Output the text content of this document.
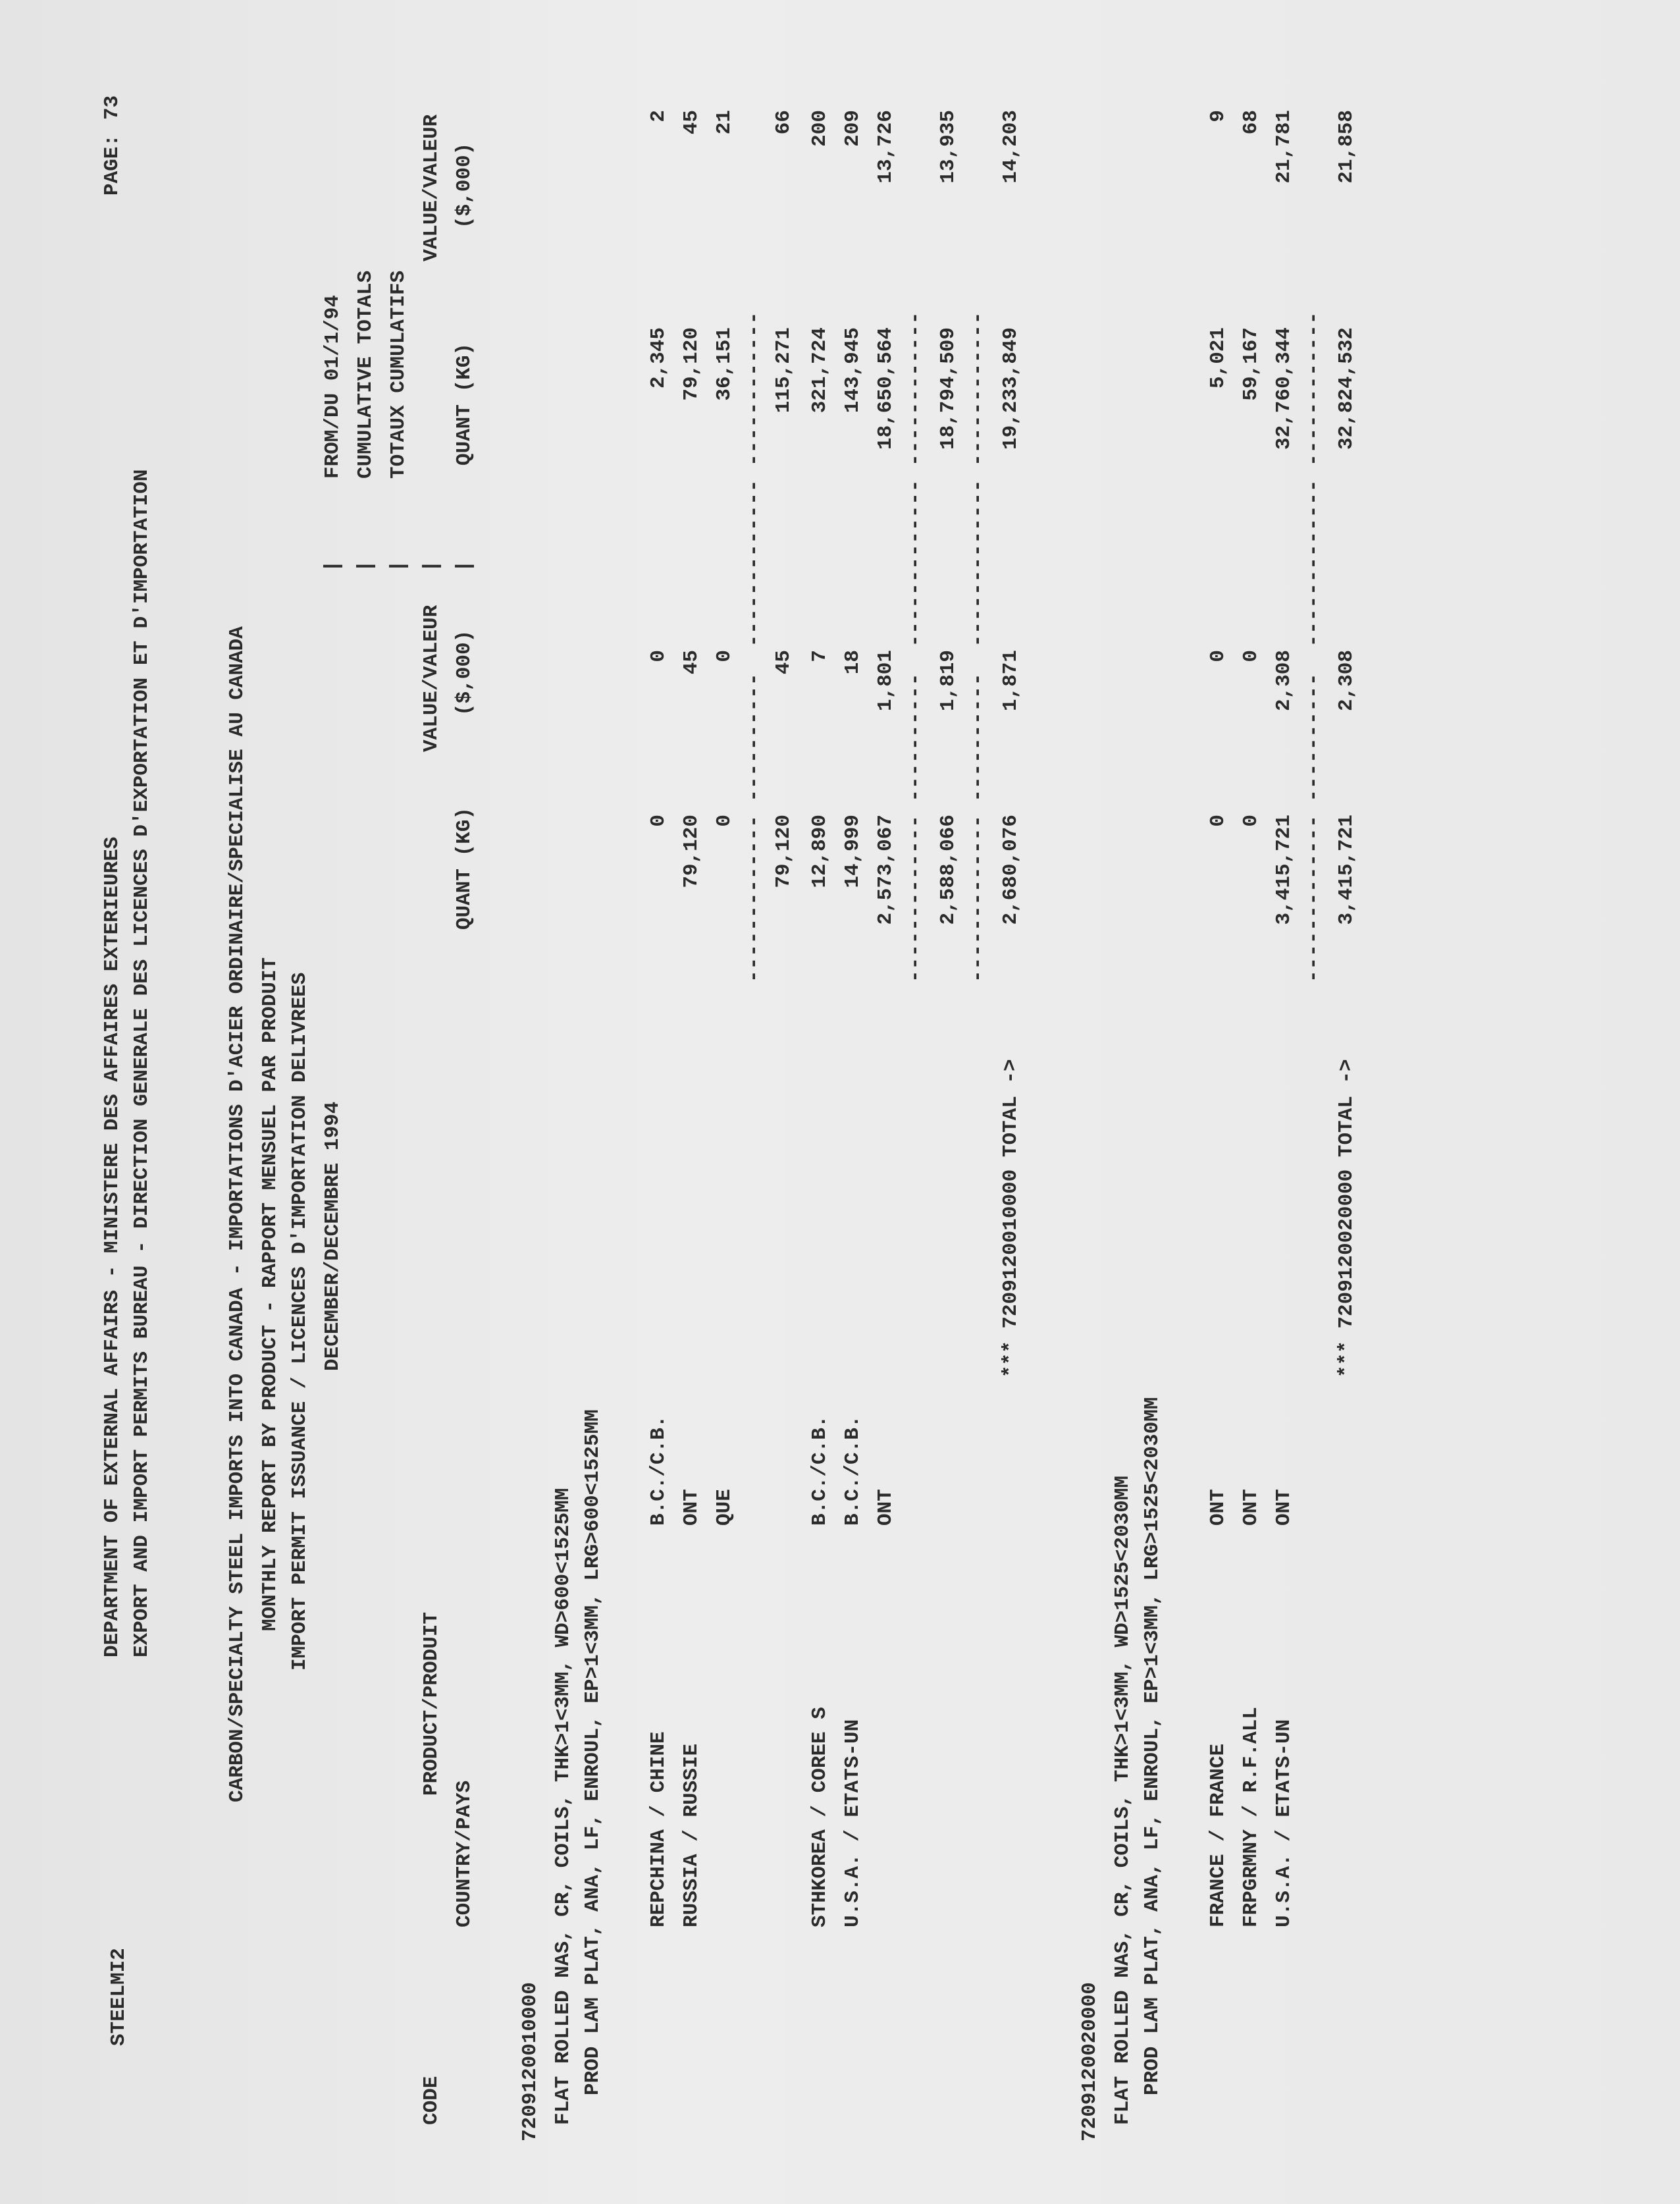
STEELMI2
DEPARTMENT OF EXTERNAL AFFAIRS - MINISTERE DES AFFAIRES EXTERIEURES EXPORT AND IMPORT PERMITS BUREAU - DIRECTION GENERALE DES LICENCES D'EXPORTATION ET D'IMPORTATION
PAGE:
73
CARBON/SPECIALTY STEEL IMPORTS INTO CANADA - IMPORTATIONS D'ACIER ORDINAIRE/SPECIALISE AU CANADA MONTHLY REPORT BY PRODUCT - RAPPORT MENSUEL PAR PRODUIT IMPORT PERMIT ISSUANCE / LICENCES D'IMPORTATION DELIVREES DECEMBER/DECEMBRE 1994
| | | | |
FROM/DU 01/1/94 CUMULATIVE TOTALS TOTAUX CUMULATIFS
CODE
PRODUCT/PRODUIT
COUNTRY/PAYS
QUANT (KG)
VALUE/VALEUR ($,000)
QUANT (KG)
VALUE/VALEUR ($,000)
7209120010000 FLAT ROLLED NAS, CR, COILS, THK>1<3MM, WD>600<1525MM PROD LAM PLAT, ANA, LF, ENROUL, EP>1<3MM, LRG>600<1525MM REPCHINA / CHINE
B.C./C.B.
0
0
2,345
2
RUSSIA / RUSSIE
ONT
79,120
45
79,120
45
QUE
0
0
36,151
21
------------- ----------  ------------- ------------ 79,120
45
115,271
66
STHKOREA / COREE S
B.C./C.B.
12,890
7
321,724
200
U.S.A. / ETATS-UN
B.C./C.B.
14,999
18
143,945
209
ONT
2,573,067
1,801
18,650,564
13,726
------------- ----------  ------------- ------------ 2,588,066
1,819
18,794,509
13,935
------------- ----------  ------------- ------------
*** 7209120010000 TOTAL ->
2,680,076
1,871
19,233,849
14,203
7209120020000 FLAT ROLLED NAS, CR, COILS, THK>1<3MM, WD>1525<2030MM PROD LAM PLAT, ANA, LF, ENROUL, EP>1<3MM, LRG>1525<2030MM FRANCE / FRANCE
ONT
0
0
5,021
9
FRPGRMNY / R.F.ALL
ONT
0
0
59,167
68
U.S.A. / ETATS-UN
ONT
3,415,721
2,308
32,760,344
21,781
------------- ----------  ------------- ------------
*** 7209120020000 TOTAL ->
3,415,721
2,308
32,824,532
21,858
